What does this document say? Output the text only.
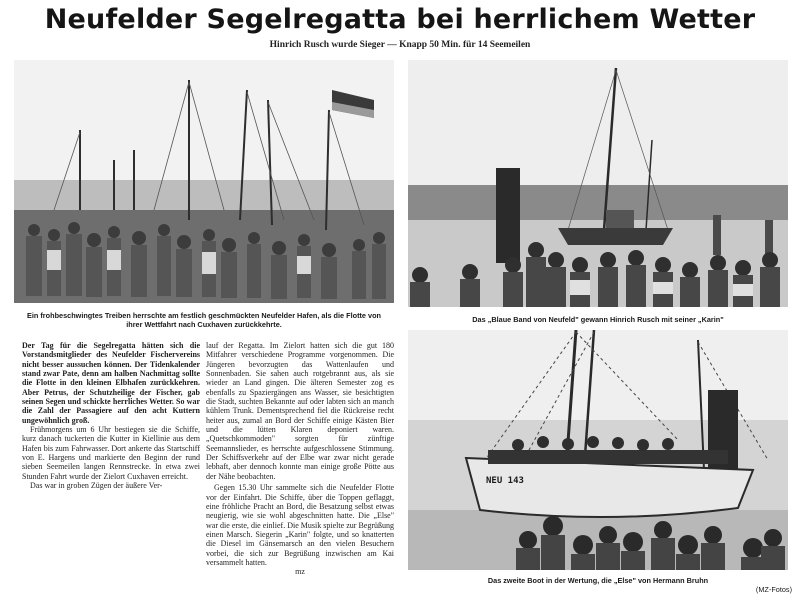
Neufelder Segelregatta bei herrlichem Wetter
Hinrich Rusch wurde Sieger — Knapp 50 Min. für 14 Seemeilen
Ein frohbeschwingtes Treiben herrschte am festlich geschmückten Neufelder Hafen, als die Flotte von ihrer Wettfahrt nach Cuxhaven zurückkehrte.
Das „Blaue Band von Neufeld" gewann Hinrich Rusch mit seiner „Karin"
NEU 143
Das zweite Boot in der Wertung, die „Else" von Hermann Bruhn
(MZ-Fotos)

Der Tag für die Segelregatta hätten sich die Vorstandsmitglieder des Neufelder Fischervereins nicht besser aussuchen können. Der Tidenkalender stand zwar Pate, denn am halben Nachmittag sollte die Flotte in den kleinen Elbhafen zurückkehren. Aber Petrus, der Schutzheilige der Fischer, gab seinen Segen und schickte herrliches Wetter. So war die Zahl der Passagiere auf den acht Kuttern ungewöhnlich groß.

Frühmorgens um 6 Uhr bestiegen sie die Schiffe, kurz danach tuckerten die Kutter in Kiellinie aus dem Hafen bis zum Fahrwasser. Dort ankerte das Startschiff von E. Hargens und markierte den Beginn der rund sieben Seemeilen langen Rennstrecke. In etwa zwei Stunden Fahrt wurde der Zielort Cuxhaven erreicht.

Das war in groben Zügen der äußere Ver-

lauf der Regatta. Im Zielort hatten sich die gut 180 Mitfahrer verschiedene Programme vorgenommen. Die Jüngeren bevorzugten das Wattenlaufen und Sonnenbaden. Sie sahen auch rotgebrannt aus, als sie wieder an Land gingen. Die älteren Semester zog es ebenfalls zu Spaziergängen ans Wasser, sie besichtigten die Stadt, suchten Bekannte auf oder labten sich an manch kühlem Trunk. Dementsprechend fiel die Rückreise recht heiter aus, zumal an Bord der Schiffe einige Kästen Bier und die lütten Klaren deponiert waren. „Quetschkommoden" sorgten für zünftige Seemannslieder, es herrschte aufgeschlossene Stimmung. Der Schiffsverkehr auf der Elbe war zwar nicht gerade lebhaft, aber dennoch konnte man einige große Pötte aus der Nähe beobachten.

Gegen 15.30 Uhr sammelte sich die Neufelder Flotte vor der Einfahrt. Die Schiffe, über die Toppen geflaggt, eine fröhliche Pracht an Bord, die Besatzung selbst etwas neugierig, wie sie wohl abgeschnitten hatte. Die „Else" war die erste, die einlief. Die Musik spielte zur Begrüßung einen Marsch. Siegerin „Karin" folgte, und so knatterten die Diesel im Gänsemarsch an den vielen Besuchern vorbei, die sich zur Begrüßung inzwischen am Kai versammelt hatten.

mz
